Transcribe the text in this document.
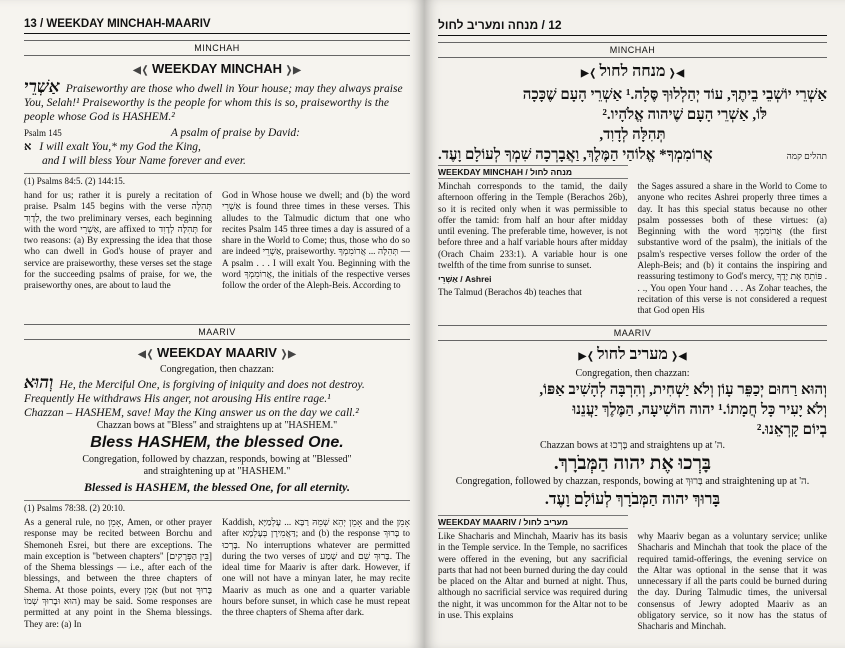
13 / WEEKDAY MINCHAH-MAARIV
MINCHAH
◀❬ WEEKDAY MINCHAH ❭▶
אַשְׁרֵי Praiseworthy are those who dwell in Your house; may they always praise You, Selah!¹ Praiseworthy is the people for whom this is so, praiseworthy is the people whose God is HASHEM.²
Psalm 145	A psalm of praise by David:
א I will exalt You,* my God the King,
and I will bless Your Name forever and ever.
(1) Psalms 84:5. (2) 144:15.
hand for us; rather it is purely a recitation of praise. Psalm 145 begins with the verse תְּהִלָּה לְדָוִד, the two preliminary verses, each beginning with the word אַשְׁרֵי, are affixed to תְּהִלָּה לְדָוִד for two reasons: (a) By expressing the idea that those who can dwell in God's house of prayer and service are praiseworthy, these verses set the stage for the succeeding psalms of praise, for we, the praiseworthy ones, are about to laud the
God in Whose house we dwell; and (b) the word אַשְׁרֵי is found three times in these verses. This alludes to the Talmudic dictum that one who recites Psalm 145 three times a day is assured of a share in the World to Come; thus, those who do so are indeed אַשְׁרֵי, praiseworthy. תְּהִלָּה ... אֲרוֹמִמְךָ — A psalm . . . I will exalt You. Beginning with the word אֲרוֹמִמְךָ, the initials of the respective verses follow the order of the Aleph-Beis. According to
MAARIV
◀❬ WEEKDAY MAARIV ❭▶
Congregation, then chazzan:
וְהוּא He, the Merciful One, is forgiving of iniquity and does not destroy. Frequently He withdraws His anger, not arousing His entire rage.¹
Chazzan – HASHEM, save! May the King answer us on the day we call.²
Chazzan bows at "Bless" and straightens up at "HASHEM."
Bless HASHEM, the blessed One.
Congregation, followed by chazzan, responds, bowing at "Blessed" and straightening up at "HASHEM."
Blessed is HASHEM, the blessed One, for all eternity.
(1) Psalms 78:38. (2) 20:10.
As a general rule, no אָמֵן, Amen, or other prayer response may be recited between Borchu and Shemoneh Esrei, but there are exceptions. The main exception is "between chapters" [בֵּין הַפְּרָקִים] of the Shema blessings — i.e., after each of the blessings, and between the three chapters of Shema. At those points, every אָמֵן (but not בָּרוּךְ הוּא וּבָרוּךְ שְׁמוֹ) may be said. Some responses are permitted at any point in the Shema blessings. They are: (a) In
Kaddish, אָמֵן יְהֵא שְׁמֵהּ רַבָּא ... עָלְמַיָּא and the אָמֵן after דַּאֲמִירָן בְּעָלְמָא; and (b) the response בָּרוּךְ to בָּרְכוּ. No interruptions whatever are permitted during the two verses of שְׁמַע and בָּרוּךְ שֵׁם. The ideal time for Maariv is after dark. However, if one will not have a minyan later, he may recite Maariv as much as one and a quarter variable hours before sunset, in which case he must repeat the three chapters of Shema after dark.
12 / מנחה ומעריב לחול
MINCHAH
◀❬ מנחה לחול ❭▶
אַשְׁרֵי יוֹשְׁבֵי בֵיתֶךָ, עוֹד יְהַלְלוּךָ סֶּלָה.¹ אַשְׁרֵי הָעָם שֶׁכָּכָה
לּוֹ, אַשְׁרֵי הָעָם שֶׁיהוה אֱלֹהָיו.²
תְּהִלָּה לְדָוִד,
תהלים קמה
אֲרוֹמִמְךָ* אֱלוֹהַי הַמֶּלֶךְ, וַאֲבָרְכָה שִׁמְךָ לְעוֹלָם וָעֶד.
WEEKDAY MINCHAH / מנחה לחול

Minchah corresponds to the tamid, the daily afternoon offering in the Temple (Berachos 26b), so it is recited only when it was permissible to offer the tamid: from half an hour after midday until evening. The preferable time, however, is not before three and a half variable hours after midday (Orach Chaim 233:1). A variable hour is one twelfth of the time from sunrise to sunset.

אַשְׁרֵי / Ashrei

The Talmud (Berachos 4b) teaches that

the Sages assured a share in the World to Come to anyone who recites Ashrei properly three times a day. It has this special status because no other psalm possesses both of these virtues: (a) Beginning with the word אֲרוֹמִמְךָ (the first substantive word of the psalm), the initials of the psalm's respective verses follow the order of the Aleph-Beis; and (b) it contains the inspiring and reassuring testimony to God's mercy, פּוֹתֵחַ אֶת יָדֶךָ . . ., You open Your hand . . . As Zohar teaches, the recitation of this verse is not considered a request that God open His
MAARIV
◀❬ מעריב לחול ❭▶
Congregation, then chazzan:
וְהוּא רַחוּם יְכַפֵּר עָוֹן וְלֹא יַשְׁחִית, וְהִרְבָּה לְהָשִׁיב אַפּוֹ,
וְלֹא יָעִיר כָּל חֲמָתוֹ.¹ יהוה הוֹשִׁיעָה, הַמֶּלֶךְ יַעֲנֵנוּ
בְיוֹם קָרְאֵנוּ.²
Chazzan bows at בָּרְכוּ and straightens up at 'ה.
בָּרְכוּ אֶת יהוה הַמְּבֹרָךְ.
Congregation, followed by chazzan, responds, bowing at בָּרוּךְ and straightening up at 'ה.
בָּרוּךְ יהוה הַמְּבֹרָךְ לְעוֹלָם וָעֶד.
WEEKDAY MAARIV / מעריב לחול
Like Shacharis and Minchah, Maariv has its basis in the Temple service. In the Temple, no sacrifices were offered in the evening, but any sacrificial parts that had not been burned during the day could be placed on the Altar and burned at night. Thus, although no sacrificial service was required during the night, it was uncommon for the Altar not to be in use. This explains
why Maariv began as a voluntary service; unlike Shacharis and Minchah that took the place of the required tamid-offerings, the evening service on the Altar was optional in the sense that it was unnecessary if all the parts could be burned during the day. During Talmudic times, the universal consensus of Jewry adopted Maariv as an obligatory service, so it now has the status of Shacharis and Minchah.
